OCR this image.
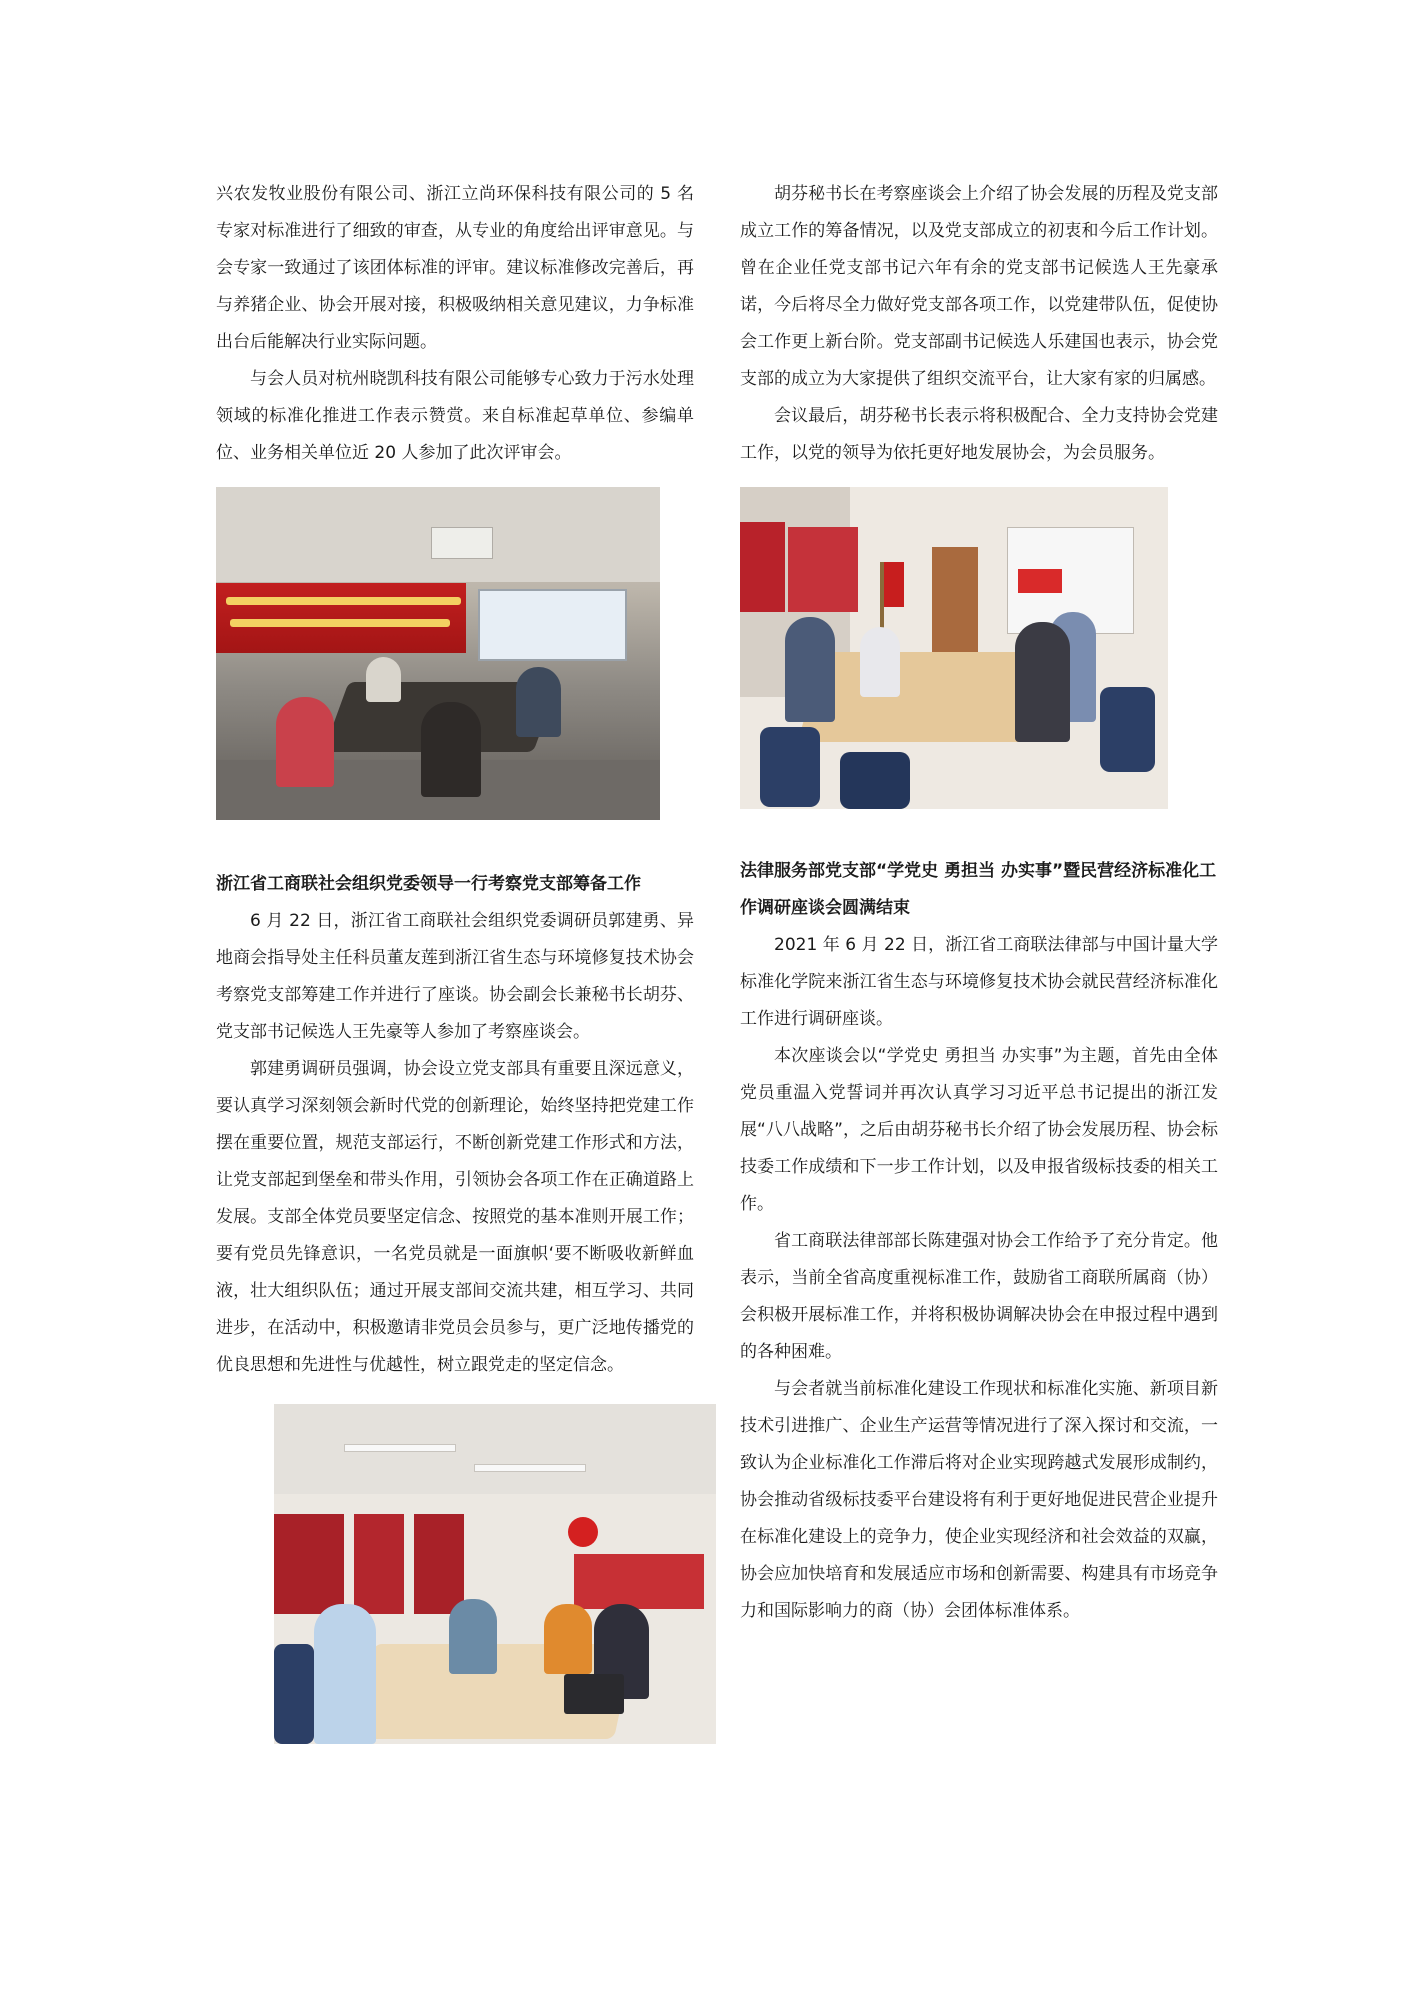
兴农发牧业股份有限公司、浙江立尚环保科技有限公司的 5 名专家对标准进行了细致的审查，从专业的角度给出评审意见。与会专家一致通过了该团体标准的评审。建议标准修改完善后，再与养猪企业、协会开展对接，积极吸纳相关意见建议，力争标准出台后能解决行业实际问题。

与会人员对杭州晓凯科技有限公司能够专心致力于污水处理领域的标准化推进工作表示赞赏。来自标准起草单位、参编单位、业务相关单位近 20 人参加了此次评审会。

浙江省工商联社会组织党委领导一行考察党支部筹备工作

6 月 22 日，浙江省工商联社会组织党委调研员郭建勇、异地商会指导处主任科员董友莲到浙江省生态与环境修复技术协会考察党支部筹建工作并进行了座谈。协会副会长兼秘书长胡芬、党支部书记候选人王先豪等人参加了考察座谈会。

郭建勇调研员强调，协会设立党支部具有重要且深远意义，要认真学习深刻领会新时代党的创新理论，始终坚持把党建工作摆在重要位置，规范支部运行，不断创新党建工作形式和方法，让党支部起到堡垒和带头作用，引领协会各项工作在正确道路上发展。支部全体党员要坚定信念、按照党的基本准则开展工作；要有党员先锋意识，一名党员就是一面旗帜‘要不断吸收新鲜血液，壮大组织队伍；通过开展支部间交流共建，相互学习、共同进步，在活动中，积极邀请非党员会员参与，更广泛地传播党的优良思想和先进性与优越性，树立跟党走的坚定信念。

胡芬秘书长在考察座谈会上介绍了协会发展的历程及党支部成立工作的筹备情况，以及党支部成立的初衷和今后工作计划。曾在企业任党支部书记六年有余的党支部书记候选人王先豪承诺，今后将尽全力做好党支部各项工作，以党建带队伍，促使协会工作更上新台阶。党支部副书记候选人乐建国也表示，协会党支部的成立为大家提供了组织交流平台，让大家有家的归属感。

会议最后，胡芬秘书长表示将积极配合、全力支持协会党建工作，以党的领导为依托更好地发展协会，为会员服务。

法律服务部党支部“学党史 勇担当 办实事”暨民营经济标准化工作调研座谈会圆满结束

2021 年 6 月 22 日，浙江省工商联法律部与中国计量大学标准化学院来浙江省生态与环境修复技术协会就民营经济标准化工作进行调研座谈。

本次座谈会以“学党史 勇担当 办实事”为主题，首先由全体党员重温入党誓词并再次认真学习习近平总书记提出的浙江发展“八八战略”，之后由胡芬秘书长介绍了协会发展历程、协会标技委工作成绩和下一步工作计划，以及申报省级标技委的相关工作。

省工商联法律部部长陈建强对协会工作给予了充分肯定。他表示，当前全省高度重视标准工作，鼓励省工商联所属商（协）会积极开展标准工作，并将积极协调解决协会在申报过程中遇到的各种困难。

与会者就当前标准化建设工作现状和标准化实施、新项目新技术引进推广、企业生产运营等情况进行了深入探讨和交流，一致认为企业标准化工作滞后将对企业实现跨越式发展形成制约，协会推动省级标技委平台建设将有利于更好地促进民营企业提升在标准化建设上的竞争力，使企业实现经济和社会效益的双赢，协会应加快培育和发展适应市场和创新需要、构建具有市场竞争力和国际影响力的商（协）会团体标准体系。
